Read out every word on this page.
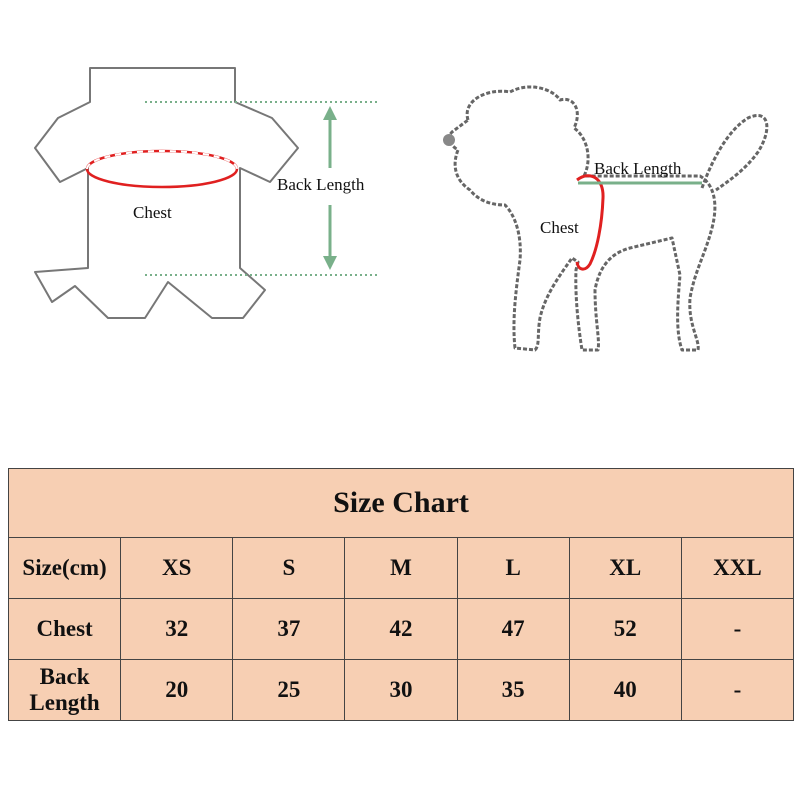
Back Length
Chest
Back Length
Chest
Size Chart						
Size(cm)	XS	S	M	L	XL	XXL
Chest	32	37	42	47	52	-
Back Length	20	25	30	35	40	-
